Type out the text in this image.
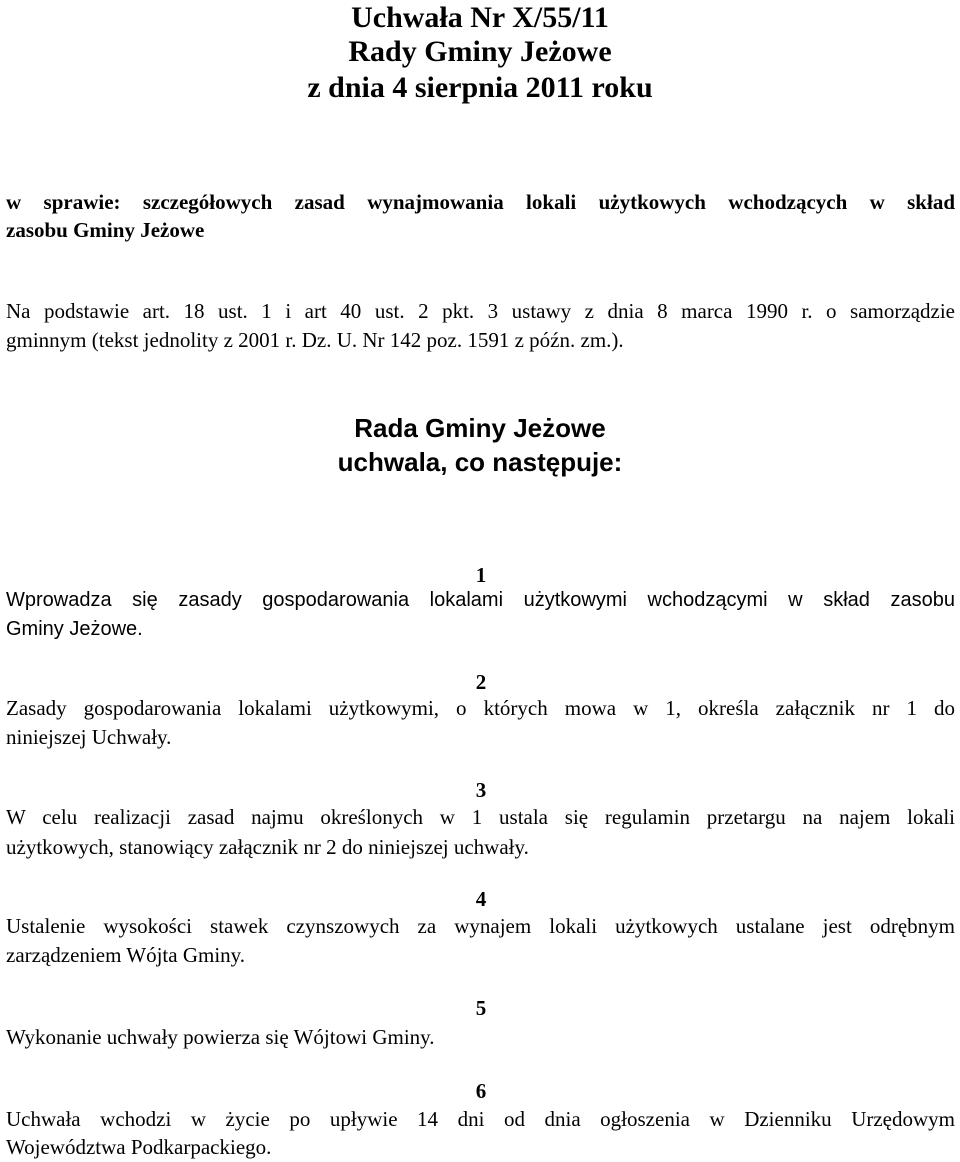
Uchwała Nr X/55/11
Rady Gminy Jeżowe
z dnia 4 sierpnia 2011 roku
w sprawie: szczegółowych zasad wynajmowania lokali użytkowych wchodzących w skład
zasobu Gminy Jeżowe
Na podstawie art. 18 ust. 1 i art 40 ust. 2 pkt. 3 ustawy z dnia 8 marca 1990 r. o samorządzie
gminnym (tekst jednolity z 2001 r. Dz. U. Nr 142 poz. 1591 z późn. zm.).
Rada Gminy Jeżowe
uchwala, co następuje:
1
Wprowadza się zasady gospodarowania lokalami użytkowymi wchodzącymi w skład zasobu
Gminy Jeżowe.
2
Zasady gospodarowania lokalami użytkowymi, o których mowa w 1, określa załącznik nr 1 do
niniejszej Uchwały.
3
W celu realizacji zasad najmu określonych w 1 ustala się regulamin przetargu na najem lokali
użytkowych, stanowiący załącznik nr 2 do niniejszej uchwały.
4
Ustalenie wysokości stawek czynszowych za wynajem lokali użytkowych ustalane jest odrębnym
zarządzeniem Wójta Gminy.
5
Wykonanie uchwały powierza się Wójtowi Gminy.
6
Uchwała wchodzi w życie po upływie 14 dni od dnia ogłoszenia w Dzienniku Urzędowym
Województwa Podkarpackiego.
